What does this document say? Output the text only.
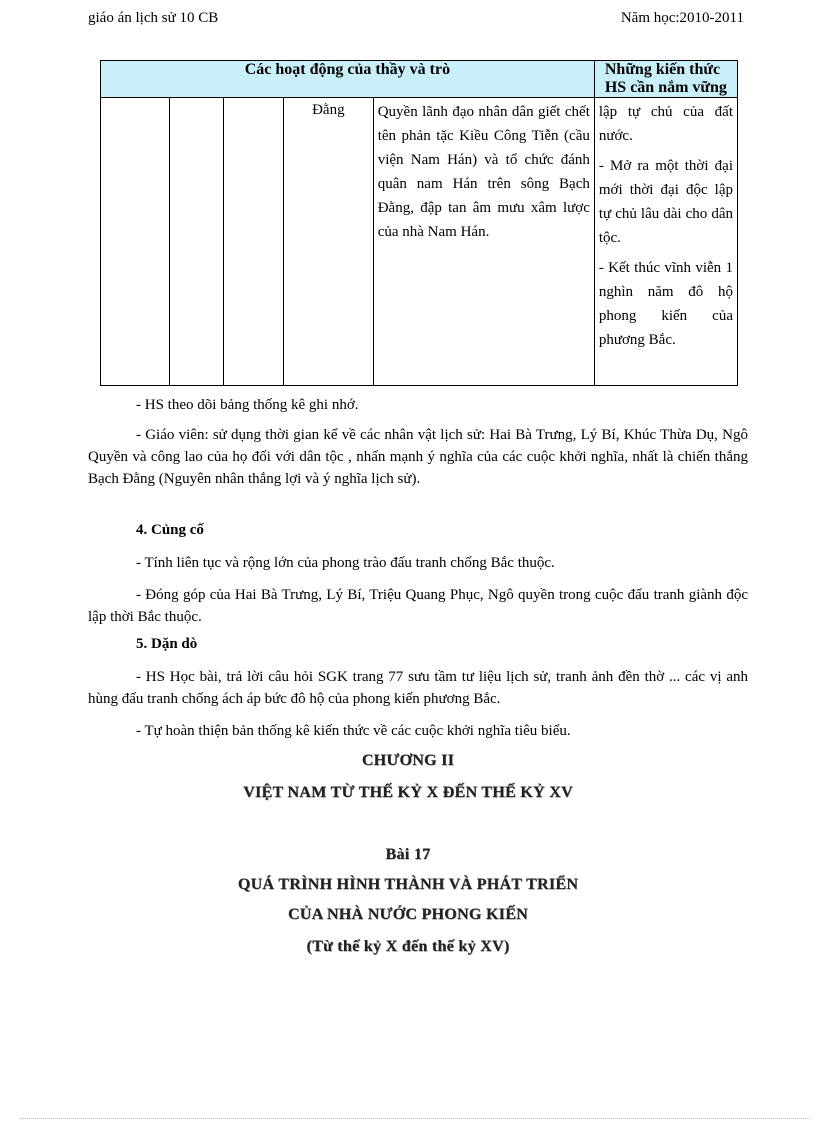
giáo án lịch sử 10 CB	Năm học:2010-2011
Các hoạt động của thầy và trò					Những kiến thức HS cần nắm vững
			Đằng	Quyền lãnh đạo nhân dân giết chết tên phản tặc Kiều Công Tiễn (cầu viện Nam Hán) và tổ chức đánh quân nam Hán trên sông Bạch Đằng, đập tan âm mưu xâm lược của nhà Nam Hán.	lập tự chủ của đất nước.

- Mở ra một thời đại mới thời đại độc lập tự chủ lâu dài cho dân tộc.

- Kết thúc vĩnh viễn 1 nghìn năm đô hộ phong kiến của phương Bắc.

- HS theo dõi bảng thống kê ghi nhớ.
- Giáo viên: sử dụng thời gian kể về các nhân vật lịch sử: Hai Bà Trưng, Lý Bí, Khúc Thừa Dụ, Ngô Quyền và công lao của họ đối với dân tộc , nhấn mạnh ý nghĩa của các cuộc khởi nghĩa, nhất là chiến thắng Bạch Đằng (Nguyên nhân thắng lợi và ý nghĩa lịch sử).
4. Củng cố
- Tính liên tục và rộng lớn của phong trào đấu tranh chống Bắc thuộc.
- Đóng góp của Hai Bà Trưng, Lý Bí, Triệu Quang Phục, Ngô quyền trong cuộc đấu tranh giành độc lập thời Bắc thuộc.
5. Dặn dò
- HS Học bài, trả lời câu hỏi SGK trang 77 sưu tầm tư liệu lịch sử, tranh ảnh đền thờ ... các vị anh hùng đấu tranh chống ách áp bức đô hộ của phong kiến phương Bắc.
- Tự hoàn thiện bản thống kê kiến thức về các cuộc khởi nghĩa tiêu biểu.
CHƯƠNG II
VIỆT NAM TỪ THẾ KỶ X ĐẾN THẾ KỶ XV
Bài 17
QUÁ TRÌNH HÌNH THÀNH VÀ PHÁT TRIỂN
CỦA NHÀ NƯỚC PHONG KIẾN
(Từ thế kỷ X đến thế kỷ XV)
